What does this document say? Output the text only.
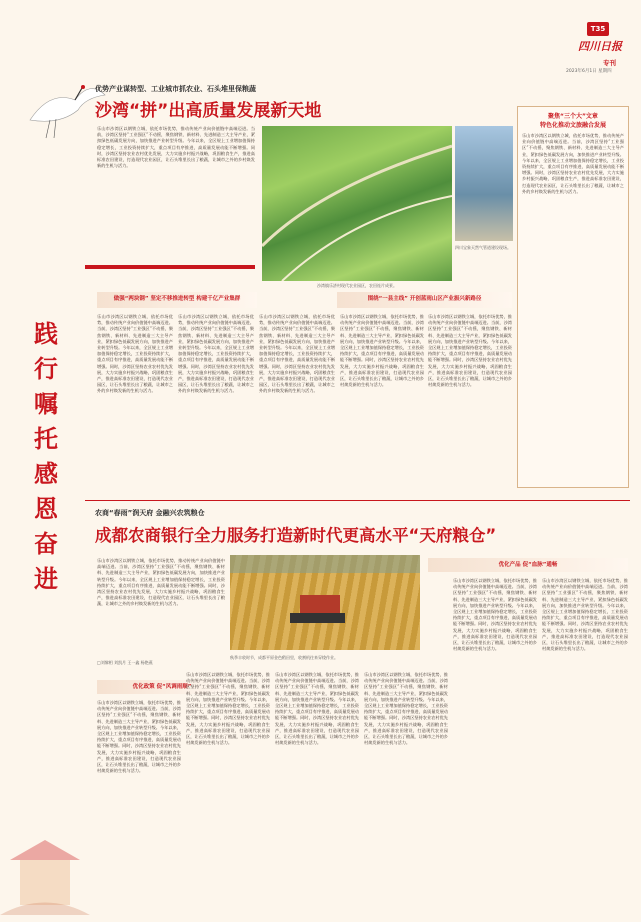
T35
四川日报
专刊
2023年6月1日 星期四
优势产业谋转型、工业城市抓农业、石头堆里保粮蔬
沙湾“拼”出高质量发展新天地	聚焦“三个大”文章
特色化推动文旅融合发展
乐山市沙湾区以钢铁立城，依托市场优势，推动传统产业向价值链中高端迈进。当前，沙湾区坚持“工业强区”不动摇，聚焦钢铁、新材料、先进制造三大主导产业，紧扣绿色低碳发展方向，加快推进产业转型升级。今年以来，全区规上工业增加值保持稳定增长，工业投资持续扩大，重点项目有序推进，高质量发展动能不断增强。同时，沙湾区坚持农业农村优先发展，大力实施乡村振兴战略，巩固粮食生产，推进高标准农田建设，打造现代农业园区，让石头堆里长出了粮蔬，让城市之外的乡村焕发新的生机与活力。
乐山市沙湾区以钢铁立城，依托市场优势，推动传统产业向价值链中高端迈进。当前，沙湾区坚持“工业强区”不动摇，聚焦钢铁、新材料、先进制造三大主导产业，紧扣绿色低碳发展方向，加快推进产业转型升级。今年以来，全区规上工业增加值保持稳定增长，工业投资持续扩大，重点项目有序推进，高质量发展动能不断增强。同时，沙湾区坚持农业农村优先发展，大力实施乡村振兴战略，巩固粮食生产，推进高标准农田建设，打造现代农业园区，让石头堆里长出了粮蔬，让城市之外的乡村焕发新的生机与活力。
四川宝象天然气管道建设现场。
沙湾镇乐济村现代农业园区，农田连片成景。
做强“两块钢” 坚定不移推进转型 构建千亿产业集群	围绕“一县主线” 开创蓝雨山区产业振兴新路径
践行嘱托感恩奋进
乐山市沙湾区以钢铁立城，依托市场优势，推动传统产业向价值链中高端迈进。当前，沙湾区坚持“工业强区”不动摇，聚焦钢铁、新材料、先进制造三大主导产业，紧扣绿色低碳发展方向，加快推进产业转型升级。今年以来，全区规上工业增加值保持稳定增长，工业投资持续扩大，重点项目有序推进，高质量发展动能不断增强。同时，沙湾区坚持农业农村优先发展，大力实施乡村振兴战略，巩固粮食生产，推进高标准农田建设，打造现代农业园区，让石头堆里长出了粮蔬，让城市之外的乡村焕发新的生机与活力。
乐山市沙湾区以钢铁立城，依托市场优势，推动传统产业向价值链中高端迈进。当前，沙湾区坚持“工业强区”不动摇，聚焦钢铁、新材料、先进制造三大主导产业，紧扣绿色低碳发展方向，加快推进产业转型升级。今年以来，全区规上工业增加值保持稳定增长，工业投资持续扩大，重点项目有序推进，高质量发展动能不断增强。同时，沙湾区坚持农业农村优先发展，大力实施乡村振兴战略，巩固粮食生产，推进高标准农田建设，打造现代农业园区，让石头堆里长出了粮蔬，让城市之外的乡村焕发新的生机与活力。
乐山市沙湾区以钢铁立城，依托市场优势，推动传统产业向价值链中高端迈进。当前，沙湾区坚持“工业强区”不动摇，聚焦钢铁、新材料、先进制造三大主导产业，紧扣绿色低碳发展方向，加快推进产业转型升级。今年以来，全区规上工业增加值保持稳定增长，工业投资持续扩大，重点项目有序推进，高质量发展动能不断增强。同时，沙湾区坚持农业农村优先发展，大力实施乡村振兴战略，巩固粮食生产，推进高标准农田建设，打造现代农业园区，让石头堆里长出了粮蔬，让城市之外的乡村焕发新的生机与活力。
乐山市沙湾区以钢铁立城，依托市场优势，推动传统产业向价值链中高端迈进。当前，沙湾区坚持“工业强区”不动摇，聚焦钢铁、新材料、先进制造三大主导产业，紧扣绿色低碳发展方向，加快推进产业转型升级。今年以来，全区规上工业增加值保持稳定增长，工业投资持续扩大，重点项目有序推进，高质量发展动能不断增强。同时，沙湾区坚持农业农村优先发展，大力实施乡村振兴战略，巩固粮食生产，推进高标准农田建设，打造现代农业园区，让石头堆里长出了粮蔬，让城市之外的乡村焕发新的生机与活力。
乐山市沙湾区以钢铁立城，依托市场优势，推动传统产业向价值链中高端迈进。当前，沙湾区坚持“工业强区”不动摇，聚焦钢铁、新材料、先进制造三大主导产业，紧扣绿色低碳发展方向，加快推进产业转型升级。今年以来，全区规上工业增加值保持稳定增长，工业投资持续扩大，重点项目有序推进，高质量发展动能不断增强。同时，沙湾区坚持农业农村优先发展，大力实施乡村振兴战略，巩固粮食生产，推进高标准农田建设，打造现代农业园区，让石头堆里长出了粮蔬，让城市之外的乡村焕发新的生机与活力。
农商“春雨”润天府 金融兴农筑粮仓
成都农商银行全力服务打造新时代更高水平“天府粮仓”
乐山市沙湾区以钢铁立城，依托市场优势，推动传统产业向价值链中高端迈进。当前，沙湾区坚持“工业强区”不动摇，聚焦钢铁、新材料、先进制造三大主导产业，紧扣绿色低碳发展方向，加快推进产业转型升级。今年以来，全区规上工业增加值保持稳定增长，工业投资持续扩大，重点项目有序推进，高质量发展动能不断增强。同时，沙湾区坚持农业农村优先发展，大力实施乡村振兴战略，巩固粮食生产，推进高标准农田建设，打造现代农业园区，让石头堆里长出了粮蔬，让城市之外的乡村焕发新的生机与活力。
□刘黎相 刘凯月 王一鑫 杨艳燕
秋季丰收时节，成都平原金色稻田里，收割机往来穿梭作业。
优化产品 促“血脉”通畅
优化政策 促“风调雨顺”
乐山市沙湾区以钢铁立城，依托市场优势，推动传统产业向价值链中高端迈进。当前，沙湾区坚持“工业强区”不动摇，聚焦钢铁、新材料、先进制造三大主导产业，紧扣绿色低碳发展方向，加快推进产业转型升级。今年以来，全区规上工业增加值保持稳定增长，工业投资持续扩大，重点项目有序推进，高质量发展动能不断增强。同时，沙湾区坚持农业农村优先发展，大力实施乡村振兴战略，巩固粮食生产，推进高标准农田建设，打造现代农业园区，让石头堆里长出了粮蔬，让城市之外的乡村焕发新的生机与活力。
乐山市沙湾区以钢铁立城，依托市场优势，推动传统产业向价值链中高端迈进。当前，沙湾区坚持“工业强区”不动摇，聚焦钢铁、新材料、先进制造三大主导产业，紧扣绿色低碳发展方向，加快推进产业转型升级。今年以来，全区规上工业增加值保持稳定增长，工业投资持续扩大，重点项目有序推进，高质量发展动能不断增强。同时，沙湾区坚持农业农村优先发展，大力实施乡村振兴战略，巩固粮食生产，推进高标准农田建设，打造现代农业园区，让石头堆里长出了粮蔬，让城市之外的乡村焕发新的生机与活力。
乐山市沙湾区以钢铁立城，依托市场优势，推动传统产业向价值链中高端迈进。当前，沙湾区坚持“工业强区”不动摇，聚焦钢铁、新材料、先进制造三大主导产业，紧扣绿色低碳发展方向，加快推进产业转型升级。今年以来，全区规上工业增加值保持稳定增长，工业投资持续扩大，重点项目有序推进，高质量发展动能不断增强。同时，沙湾区坚持农业农村优先发展，大力实施乡村振兴战略，巩固粮食生产，推进高标准农田建设，打造现代农业园区，让石头堆里长出了粮蔬，让城市之外的乡村焕发新的生机与活力。
乐山市沙湾区以钢铁立城，依托市场优势，推动传统产业向价值链中高端迈进。当前，沙湾区坚持“工业强区”不动摇，聚焦钢铁、新材料、先进制造三大主导产业，紧扣绿色低碳发展方向，加快推进产业转型升级。今年以来，全区规上工业增加值保持稳定增长，工业投资持续扩大，重点项目有序推进，高质量发展动能不断增强。同时，沙湾区坚持农业农村优先发展，大力实施乡村振兴战略，巩固粮食生产，推进高标准农田建设，打造现代农业园区，让石头堆里长出了粮蔬，让城市之外的乡村焕发新的生机与活力。
乐山市沙湾区以钢铁立城，依托市场优势，推动传统产业向价值链中高端迈进。当前，沙湾区坚持“工业强区”不动摇，聚焦钢铁、新材料、先进制造三大主导产业，紧扣绿色低碳发展方向，加快推进产业转型升级。今年以来，全区规上工业增加值保持稳定增长，工业投资持续扩大，重点项目有序推进，高质量发展动能不断增强。同时，沙湾区坚持农业农村优先发展，大力实施乡村振兴战略，巩固粮食生产，推进高标准农田建设，打造现代农业园区，让石头堆里长出了粮蔬，让城市之外的乡村焕发新的生机与活力。
乐山市沙湾区以钢铁立城，依托市场优势，推动传统产业向价值链中高端迈进。当前，沙湾区坚持“工业强区”不动摇，聚焦钢铁、新材料、先进制造三大主导产业，紧扣绿色低碳发展方向，加快推进产业转型升级。今年以来，全区规上工业增加值保持稳定增长，工业投资持续扩大，重点项目有序推进，高质量发展动能不断增强。同时，沙湾区坚持农业农村优先发展，大力实施乡村振兴战略，巩固粮食生产，推进高标准农田建设，打造现代农业园区，让石头堆里长出了粮蔬，让城市之外的乡村焕发新的生机与活力。
